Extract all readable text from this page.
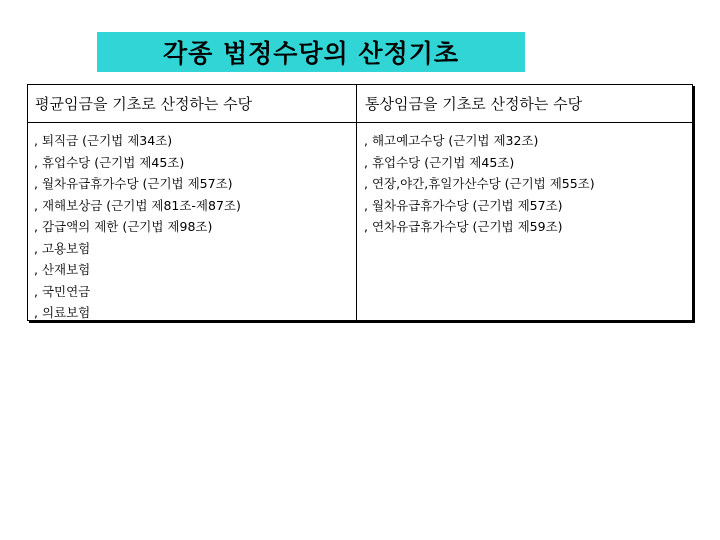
각종 법정수당의 산정기초
평균임금을 기초로 산정하는 수당	통상임금을 기초로 산정하는 수당
, 퇴직금 (근기법 제34조)
, 휴업수당 (근기법 제45조)
, 월차유급휴가수당 (근기법 제57조)
, 재해보상금 (근기법 제81조-제87조)
, 감급액의 제한 (근기법 제98조)
, 고용보험
, 산재보험
, 국민연금
, 의료보험
, 해고예고수당 (근기법 제32조)
, 휴업수당 (근기법 제45조)
, 연장,야간,휴일가산수당 (근기법 제55조)
, 월차유급휴가수당 (근기법 제57조)
, 연차유급휴가수당 (근기법 제59조)
